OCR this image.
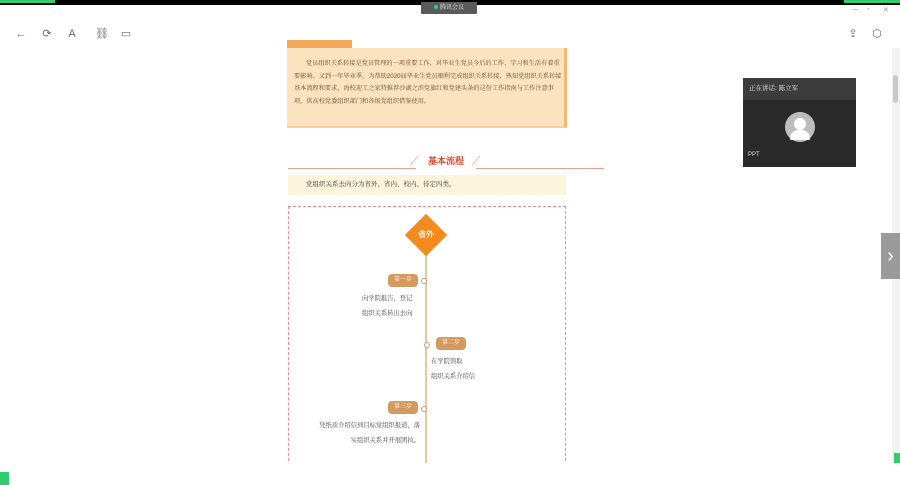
腾讯会议	— ▫ ✕
← ⟳	A	⛓ ▭	⇪ ⬡

党员组织关系转接是党员管理的一项重要工作，对毕业生党员今后的工作、学习和生活有着重要影响。又到一年毕业季，为帮助2020届毕业生党员顺利完成组织关系转接，熟知党组织关系转接基本流程和要求，海校迎工之家特推荐沙湖之滨党旗红和党建头条的这份工作指南与工作注意事项，供高校党委组织部门和各级党组织借鉴使用。

⟋	⟋
基本流程
党组织关系去向分为省外、省内、校内、待定四类。
省外
第一步
向学院报告，登记
组织关系转出去向
第二步
在学院领取
组织关系介绍信
第三步
凭纸质介绍信到目标党组织报道，落
实组织关系并开展团执。
›
正在讲话: 陈立军
PPT
